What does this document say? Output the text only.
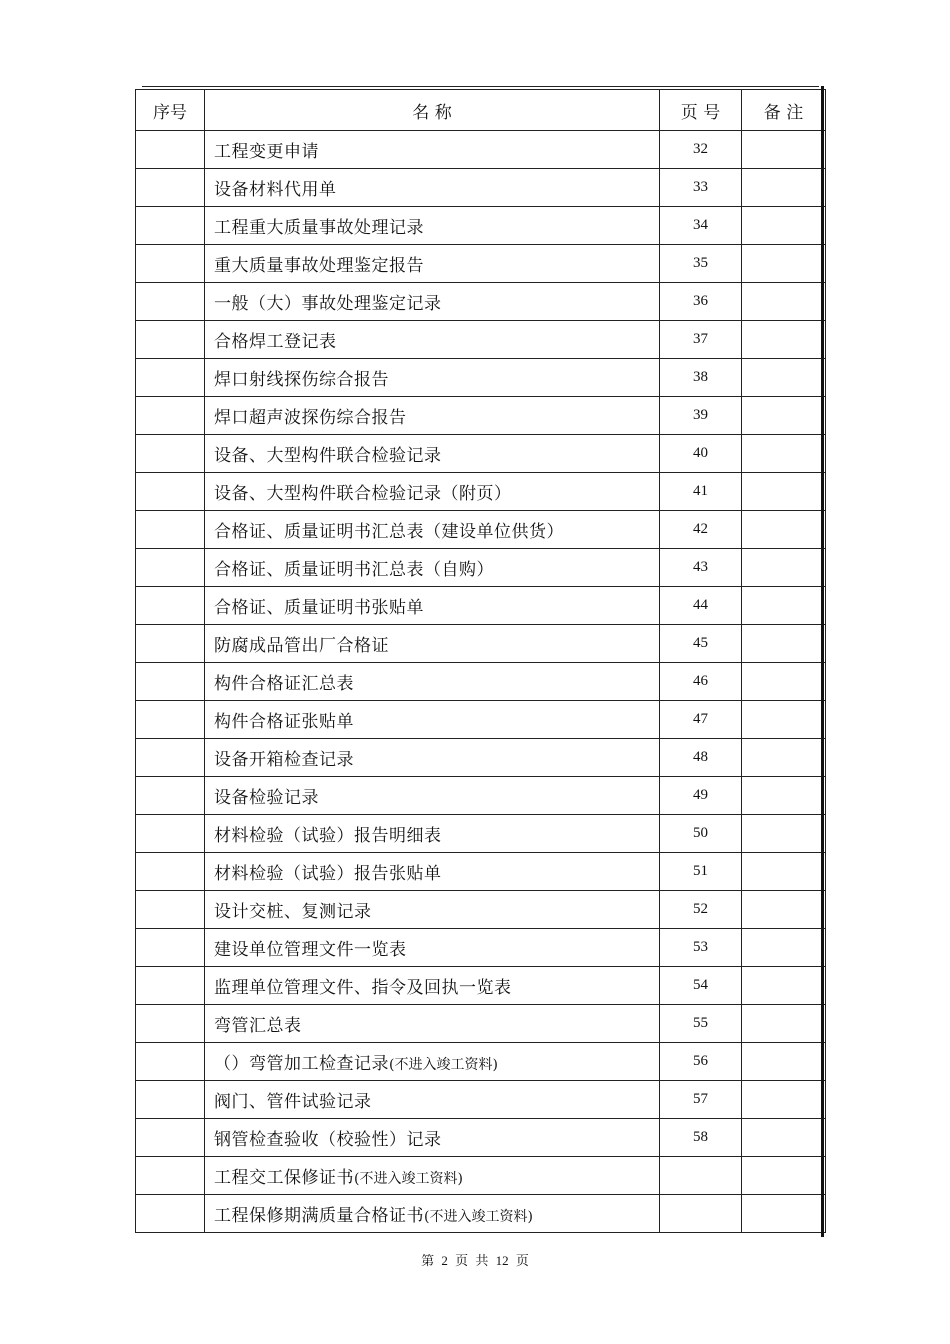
序号	名 称	页 号	备 注
	工程变更申请	32	
	设备材料代用单	33	
	工程重大质量事故处理记录	34	
	重大质量事故处理鉴定报告	35	
	一般（大）事故处理鉴定记录	36	
	合格焊工登记表	37	
	焊口射线探伤综合报告	38	
	焊口超声波探伤综合报告	39	
	设备、大型构件联合检验记录	40	
	设备、大型构件联合检验记录（附页）	41	
	合格证、质量证明书汇总表（建设单位供货）	42	
	合格证、质量证明书汇总表（自购）	43	
	合格证、质量证明书张贴单	44	
	防腐成品管出厂合格证	45	
	构件合格证汇总表	46	
	构件合格证张贴单	47	
	设备开箱检查记录	48	
	设备检验记录	49	
	材料检验（试验）报告明细表	50	
	材料检验（试验）报告张贴单	51	
	设计交桩、复测记录	52	
	建设单位管理文件一览表	53	
	监理单位管理文件、指令及回执一览表	54	
	弯管汇总表	55	
	（）弯管加工检查记录(不进入竣工资料)	56	
	阀门、管件试验记录	57	
	钢管检查验收（校验性）记录	58	
	工程交工保修证书(不进入竣工资料)		
	工程保修期满质量合格证书(不进入竣工资料)		
第 2 页 共 12 页
